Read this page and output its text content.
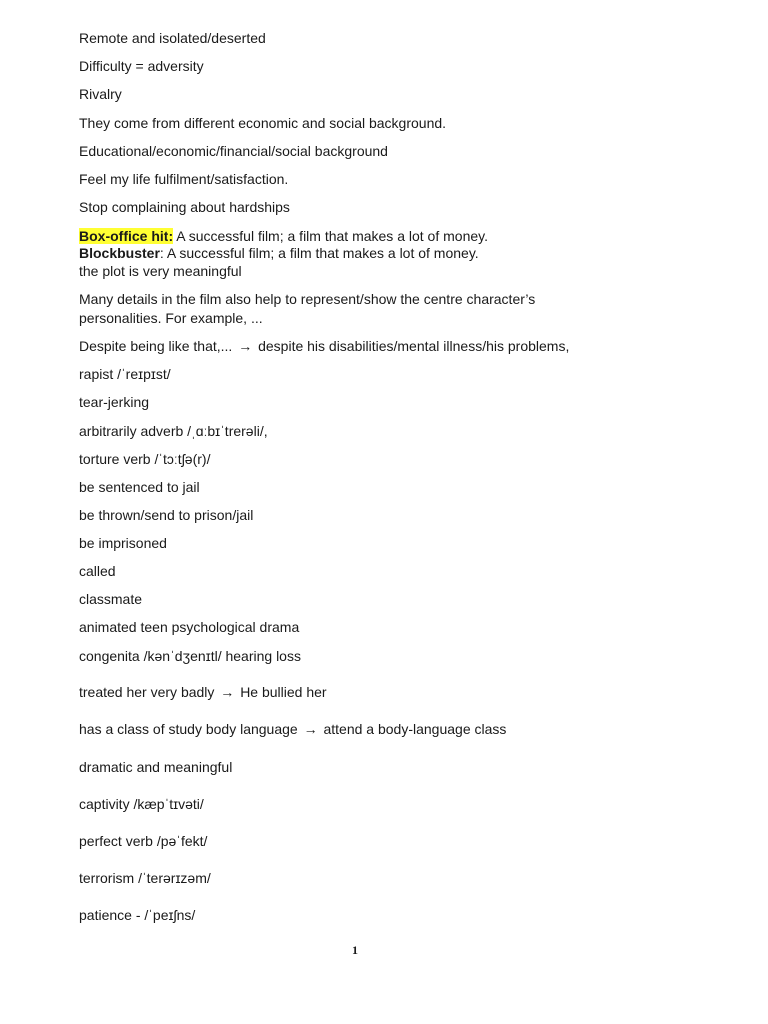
Remote and isolated/deserted
Difficulty = adversity
Rivalry
They come from different economic and social background.
Educational/economic/financial/social background
Feel my life fulfilment/satisfaction.
Stop complaining about hardships
Box-office hit: A successful film; a film that makes a lot of money.
Blockbuster: A successful film; a film that makes a lot of money.
the plot is very meaningful
Many details in the film also help to represent/show the centre character’s
personalities. For example, ...
Despite being like that,... → despite his disabilities/mental illness/his problems,
rapist /ˈreɪpɪst/
tear-jerking
arbitrarily adverb /ˌɑːbɪˈtrerəli/,
torture verb /ˈtɔːtʃə(r)/
be sentenced to jail
be thrown/send to prison/jail
be imprisoned
called
classmate
animated teen psychological drama
congenita /kənˈdʒenɪtl/ hearing loss
treated her very badly → He bullied her
has a class of study body language → attend a body-language class
dramatic and meaningful
captivity /kæpˈtɪvəti/
perfect verb /pəˈfekt/
terrorism /ˈterərɪzəm/
patience - /ˈpeɪʃns/
1
